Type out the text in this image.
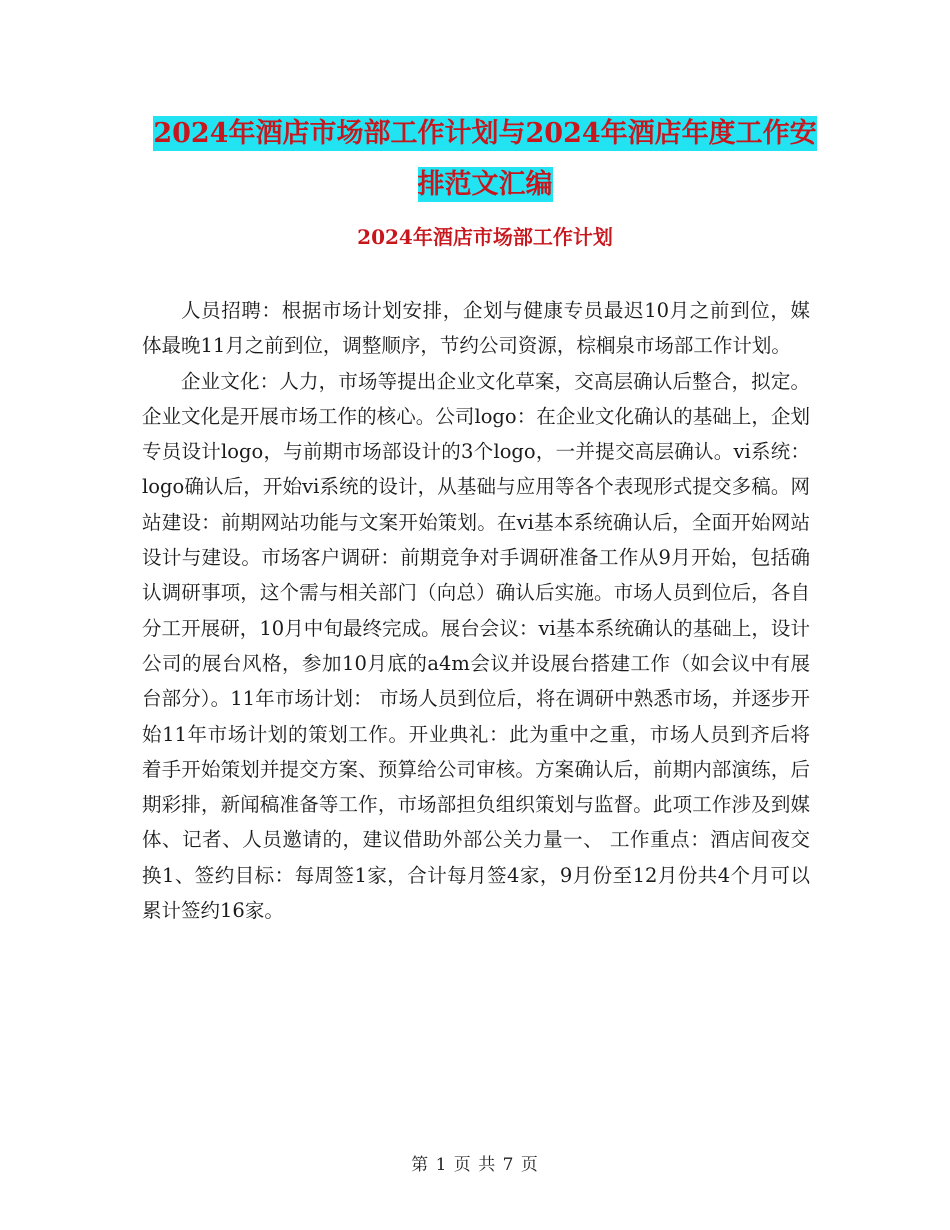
2024年酒店市场部工作计划与2024年酒店年度工作安
排范文汇编
2024年酒店市场部工作计划

人员招聘：根据市场计划安排，企划与健康专员最迟10月之前到位，媒体最晚11月之前到位，调整顺序，节约公司资源，棕榈泉市场部工作计划。

企业文化：人力，市场等提出企业文化草案，交高层确认后整合，拟定。企业文化是开展市场工作的核心。公司logo：在企业文化确认的基础上，企划专员设计logo，与前期市场部设计的3个logo，一并提交高层确认。vi系统： logo确认后，开始vi系统的设计，从基础与应用等各个表现形式提交多稿。网站建设：前期网站功能与文案开始策划。在vi基本系统确认后，全面开始网站设计与建设。市场客户调研：前期竞争对手调研准备工作从9月开始，包括确认调研事项，这个需与相关部门（向总）确认后实施。市场人员到位后，各自分工开展研，10月中旬最终完成。展台会议：vi基本系统确认的基础上，设计公司的展台风格，参加10月底的a4m会议并设展台搭建工作（如会议中有展台部分）。11年市场计划： 市场人员到位后，将在调研中熟悉市场，并逐步开始11年市场计划的策划工作。开业典礼：此为重中之重，市场人员到齐后将着手开始策划并提交方案、预算给公司审核。方案确认后，前期内部演练，后期彩排，新闻稿准备等工作，市场部担负组织策划与监督。此项工作涉及到媒体、记者、人员邀请的，建议借助外部公关力量一、 工作重点：酒店间夜交换1、签约目标：每周签1家，合计每月签4家，9月份至12月份共4个月可以累计签约16家。

第 1 页 共 7 页
